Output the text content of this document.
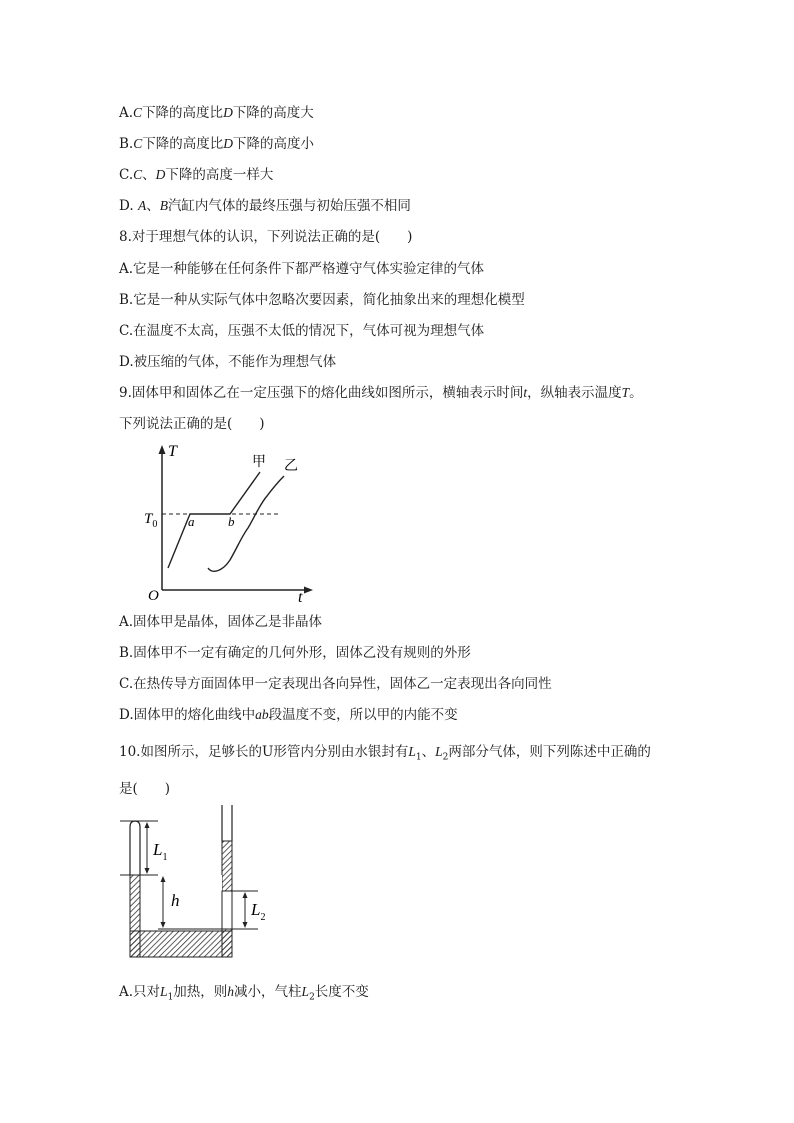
A.C下降的高度比D下降的高度大
B.C下降的高度比D下降的高度小
C.C、D下降的高度一样大
D. A、B汽缸内气体的最终压强与初始压强不相同
8.对于理想气体的认识，下列说法正确的是(　　)
A.它是一种能够在任何条件下都严格遵守气体实验定律的气体
B.它是一种从实际气体中忽略次要因素，简化抽象出来的理想化模型
C.在温度不太高，压强不太低的情况下，气体可视为理想气体
D.被压缩的气体，不能作为理想气体
9.固体甲和固体乙在一定压强下的熔化曲线如图所示，横轴表示时间t，纵轴表示温度T。
下列说法正确的是(　　)
T
t
O
$T_0$ a	b
甲 乙
A.固体甲是晶体，固体乙是非晶体
B.固体甲不一定有确定的几何外形，固体乙没有规则的外形
C.在热传导方面固体甲一定表现出各向异性，固体乙一定表现出各向同性
D.固体甲的熔化曲线中ab段温度不变，所以甲的内能不变
10.如图所示，足够长的U形管内分别由水银封有$L_1$、$L_2$两部分气体，则下列陈述中正确的
是(　　)
$L_1$
h	$L_2$
A.只对$L_1$加热，则h减小，气柱$L_2$长度不变
